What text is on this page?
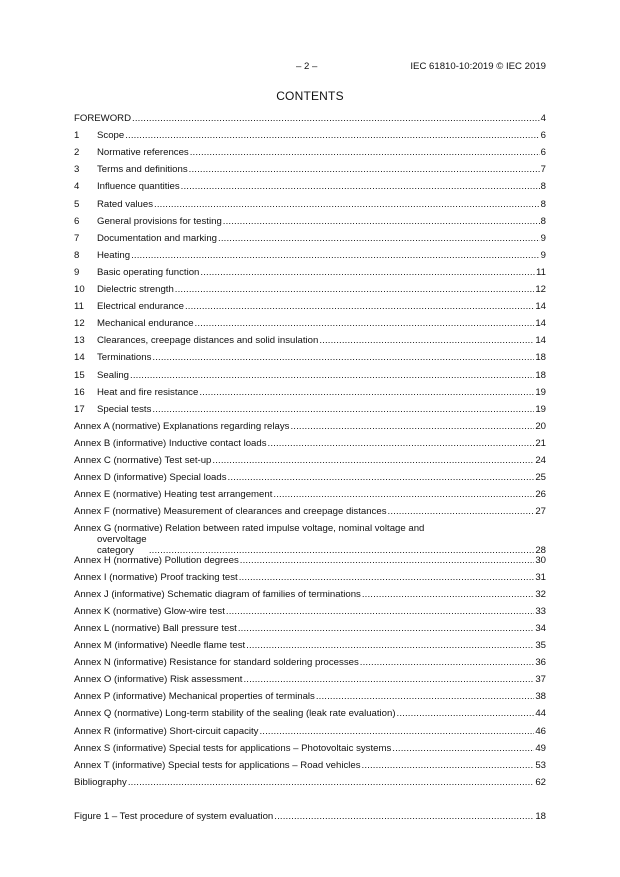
– 2 –	IEC 61810-10:2019 © IEC 2019
CONTENTS
FOREWORD .....	4
1	Scope .....	6
2	Normative references .....	6
3	Terms and definitions .....	7
4	Influence quantities .....	8
5	Rated values .....	8
6	General provisions for testing .....	8
7	Documentation and marking .....	9
8	Heating .....	9
9	Basic operating function .....	11
10	Dielectric strength .....	12
11	Electrical endurance .....	14
12	Mechanical endurance .....	14
13	Clearances, creepage distances and solid insulation .....	14
14	Terminations .....	18
15	Sealing .....	18
16	Heat and fire resistance .....	19
17	Special tests .....	19
Annex A (normative) Explanations regarding relays .....	20
Annex B (informative) Inductive contact loads .....	21
Annex C (normative) Test set-up .....	24
Annex D (informative) Special loads .....	25
Annex E (normative) Heating test arrangement .....	26
Annex F (normative) Measurement of clearances and creepage distances .....	27
Annex G (normative) Relation between rated impulse voltage, nominal voltage and
overvoltage category .....	28
Annex H (normative) Pollution degrees .....	30
Annex I (normative) Proof tracking test .....	31
Annex J (informative) Schematic diagram of families of terminations .....	32
Annex K (normative) Glow-wire test .....	33
Annex L (normative) Ball pressure test .....	34
Annex M (informative) Needle flame test .....	35
Annex N (informative) Resistance for standard soldering processes .....	36
Annex O (informative) Risk assessment .....	37
Annex P (informative) Mechanical properties of terminals .....	38
Annex Q (normative) Long-term stability of the sealing (leak rate evaluation) .....	44
Annex R (informative) Short-circuit capacity .....	46
Annex S (informative) Special tests for applications – Photovoltaic systems .....	49
Annex T (informative) Special tests for applications – Road vehicles .....	53
Bibliography .....	62
Figure 1 – Test procedure of system evaluation .....	18
